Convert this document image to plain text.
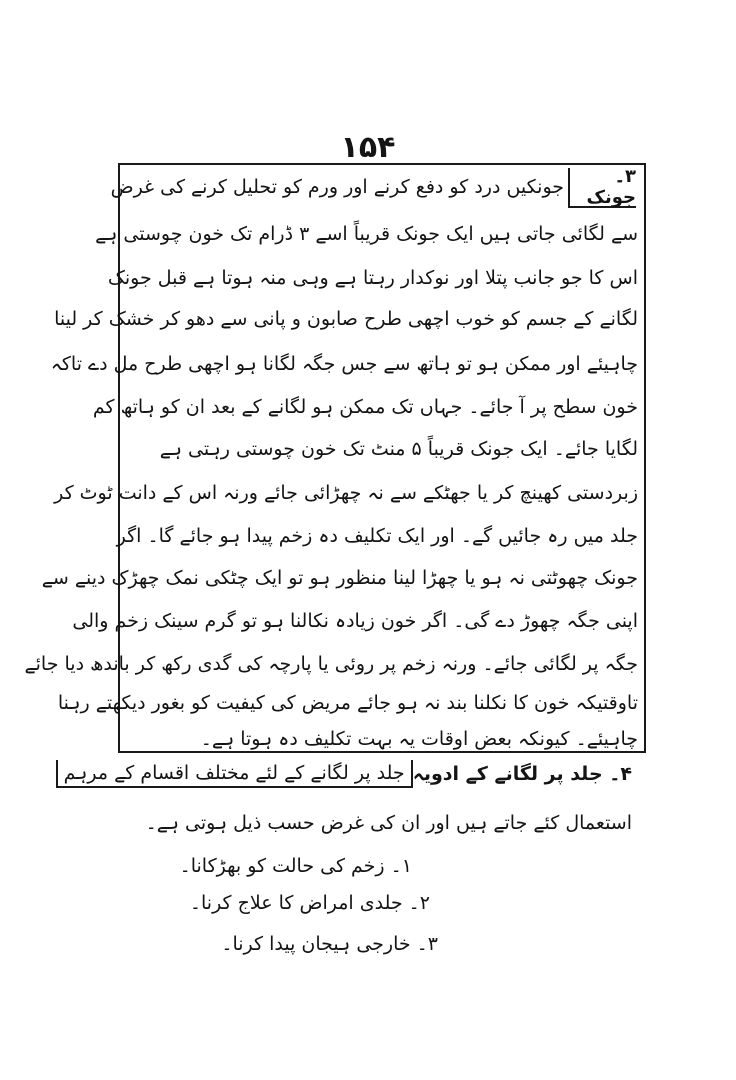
۱۵۴
۳۔ جونک
جونکیں درد کو دفع کرنے اور ورم کو تحلیل کرنے کی غرض
سے لگائی جاتی ہیں ایک جونک قریباً اسے ۳ ڈرام تک خون چوستی ہے
اس کا جو جانب پتلا اور نوکدار رہتا ہے وہی منہ ہوتا ہے قبل جونک
لگانے کے جسم کو خوب اچھی طرح صابون و پانی سے دھو کر خشک کر لینا
چاہیئے اور ممکن ہو تو ہاتھ سے جس جگہ لگانا ہو اچھی طرح مل دے تاکہ
خون سطح پر آ جائے۔ جہاں تک ممکن ہو لگانے کے بعد ان کو ہاتھ کم
لگایا جائے۔ ایک جونک قریباً ۵ منٹ تک خون چوستی رہتی ہے
زبردستی کھینچ کر یا جھٹکے سے نہ چھڑائی جائے ورنہ اس کے دانت ٹوٹ کر
جلد میں رہ جائیں گے۔ اور ایک تکلیف دہ زخم پیدا ہو جائے گا۔ اگر
جونک چھوٹتی نہ ہو یا چھڑا لینا منظور ہو تو ایک چٹکی نمک چھڑک دینے سے
اپنی جگہ چھوڑ دے گی۔ اگر خون زیادہ نکالنا ہو تو گرم سینک زخم والی
جگہ پر لگائی جائے۔ ورنہ زخم پر روئی یا پارچہ کی گدی رکھ کر باندھ دیا جائے
تاوقتیکہ خون کا نکلنا بند نہ ہو جائے مریض کی کیفیت کو بغور دیکھتے رہنا
چاہیئے۔ کیونکہ بعض اوقات یہ بہت تکلیف دہ ہوتا ہے۔
۴۔ جلد پر لگانے کے ادویہ
جلد پر لگانے کے لئے مختلف اقسام کے مرہم
استعمال کئے جاتے ہیں اور ان کی غرض حسب ذیل ہوتی ہے۔
۱۔ زخم کی حالت کو بھڑکانا۔
۲۔ جلدی امراض کا علاج کرنا۔
۳۔ خارجی ہیجان پیدا کرنا۔
